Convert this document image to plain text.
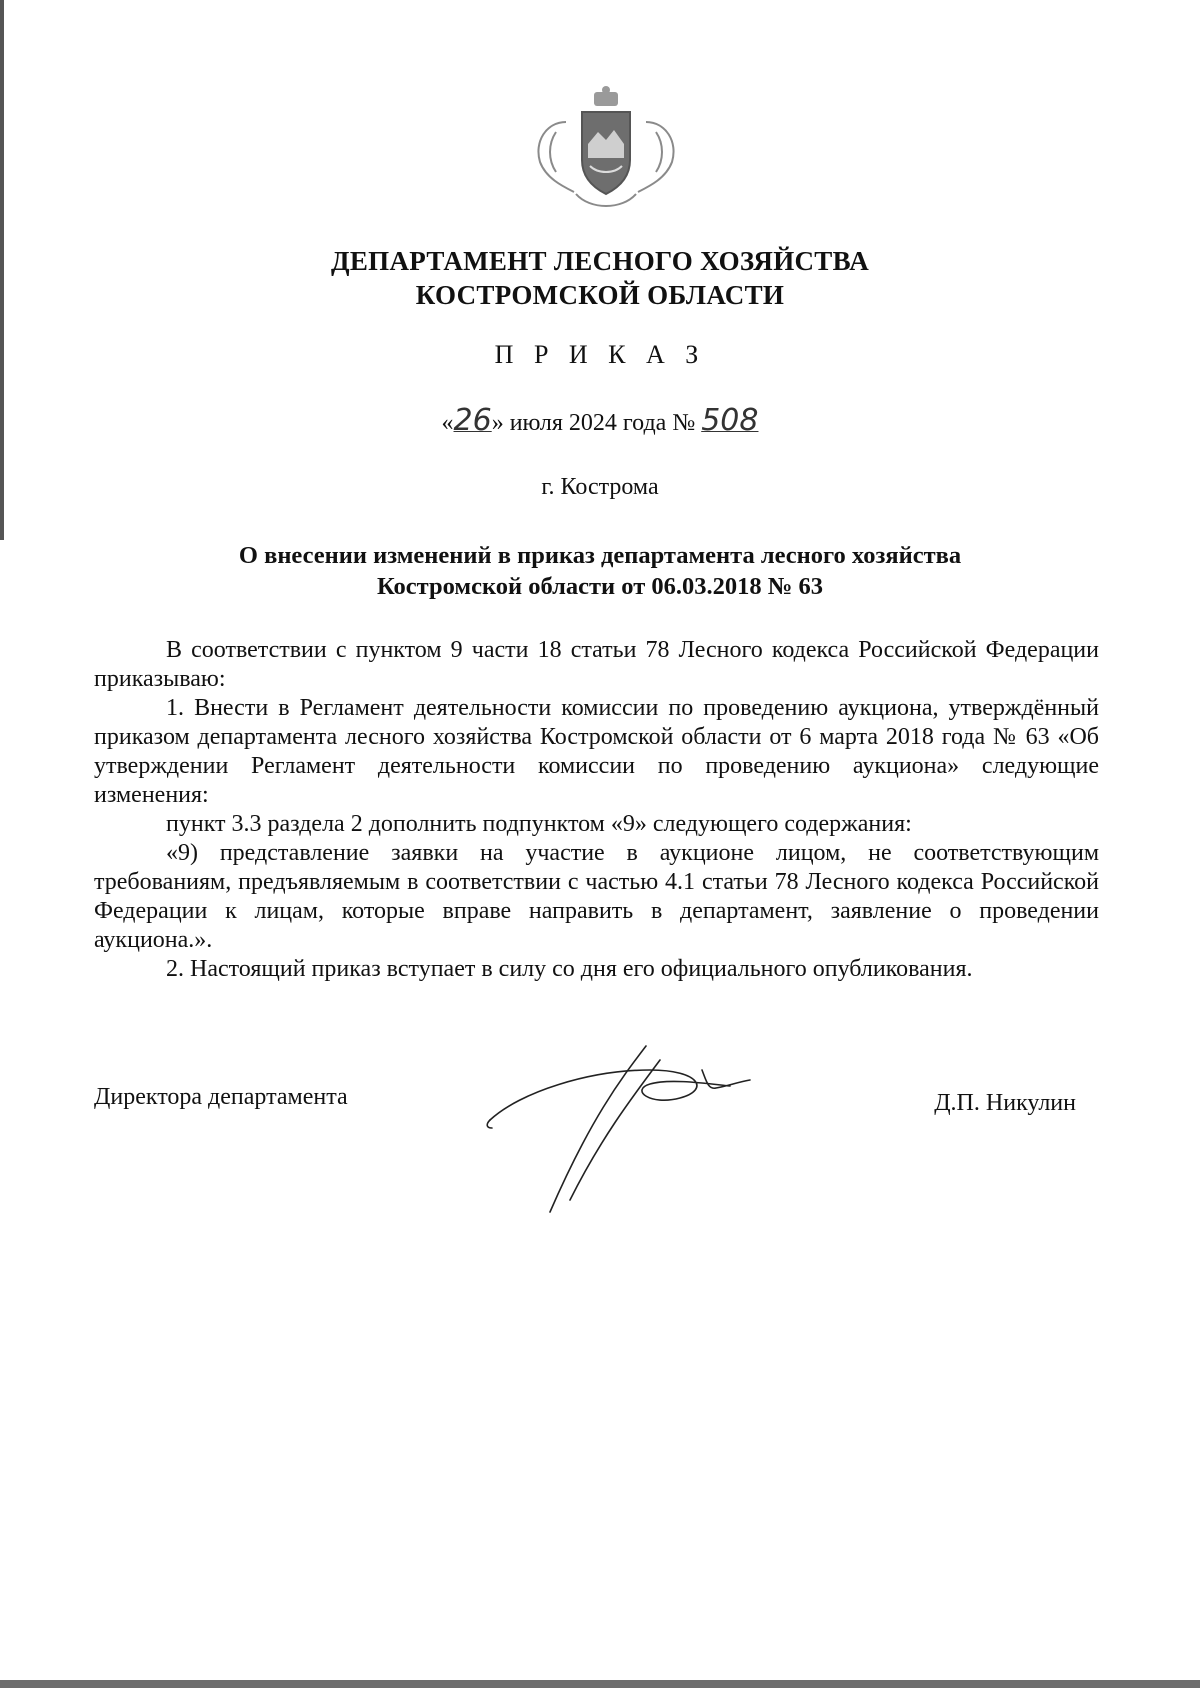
ДЕПАРТАМЕНТ ЛЕСНОГО ХОЗЯЙСТВА
КОСТРОМСКОЙ ОБЛАСТИ
П Р И К А З
«26» июля 2024 года № 508
г. Кострома
О внесении изменений в приказ департамента лесного хозяйства
Костромской области от 06.03.2018 № 63

В соответствии с пунктом 9 части 18 статьи 78 Лесного кодекса Российской Федерации приказываю:

1. Внести в Регламент деятельности комиссии по проведению аукциона, утверждённый приказом департамента лесного хозяйства Костромской области от 6 марта 2018 года № 63 «Об утверждении Регламент деятельности комиссии по проведению аукциона» следующие изменения:

пункт 3.3 раздела 2 дополнить подпунктом «9» следующего содержания:

«9) представление заявки на участие в аукционе лицом, не соответствующим требованиям, предъявляемым в соответствии с частью 4.1 статьи 78 Лесного кодекса Российской Федерации к лицам, которые вправе направить в департамент, заявление о проведении аукциона.».

2. Настоящий приказ вступает в силу со дня его официального опубликования.

Директора департамента	Д.П. Никулин
